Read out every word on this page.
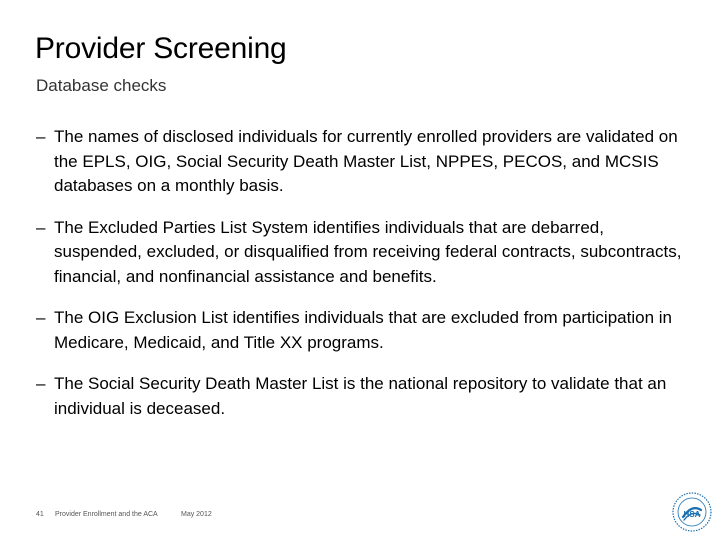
Provider Screening
Database checks
– The names of disclosed individuals for currently enrolled providers are validated on the EPLS, OIG, Social Security Death Master List, NPPES, PECOS, and MCSIS databases on a monthly basis.
– The Excluded Parties List System identifies individuals that are debarred, suspended, excluded, or disqualified from receiving federal contracts, subcontracts, financial, and nonfinancial assistance and benefits.
– The OIG Exclusion List identifies individuals that are excluded from participation in Medicare, Medicaid, and Title XX programs.
– The Social Security Death Master List is the national repository to validate that an individual is deceased.
41 Provider Enrollment and the ACA	May 2012	HSA
